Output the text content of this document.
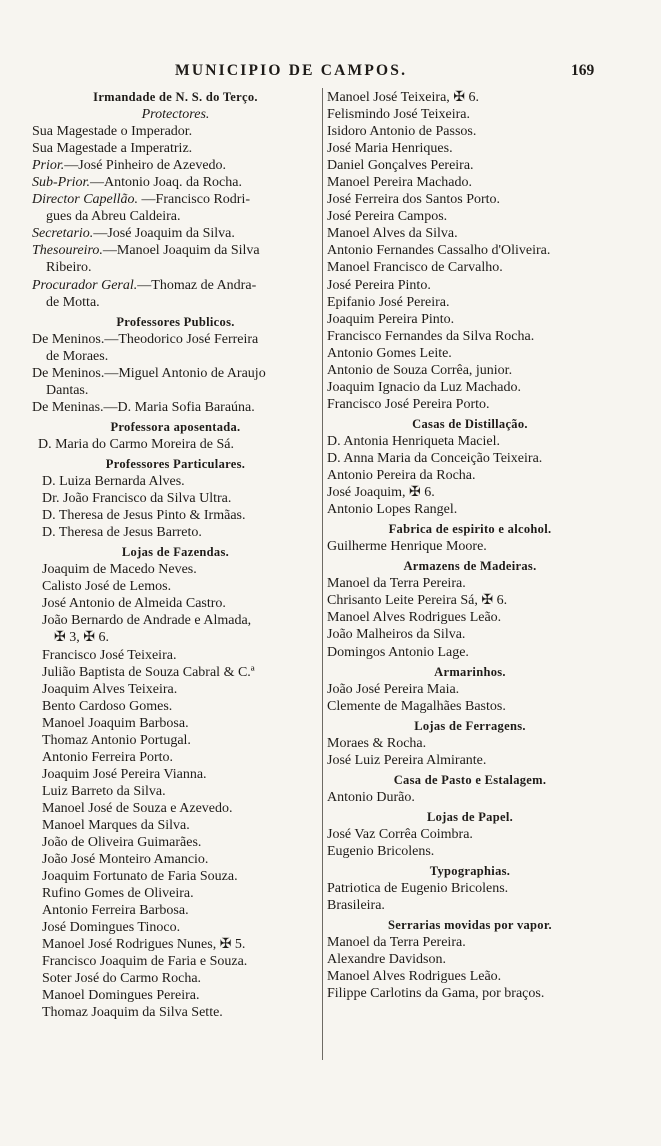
MUNICIPIO DE CAMPOS.	169
Irmandade de N. S. do Terço.
Protectores.
Sua Magestade o Imperador.
Sua Magestade a Imperatriz.
Prior.—José Pinheiro de Azevedo.
Sub-Prior.—Antonio Joaq. da Rocha.
Director Capellão. —Francisco Rodri-
gues da Abreu Caldeira.
Secretario.—José Joaquim da Silva.
Thesoureiro.—Manoel Joaquim da Silva
Ribeiro.
Procurador Geral.—Thomaz de Andra-
de Motta.
Professores Publicos.
De Meninos.—Theodorico José Ferreira
de Moraes.
De Meninos.—Miguel Antonio de Araujo
Dantas.
De Meninas.—D. Maria Sofia Baraúna.
Professora aposentada.
D. Maria do Carmo Moreira de Sá.
Professores Particulares.
D. Luiza Bernarda Alves.
Dr. João Francisco da Silva Ultra.
D. Theresa de Jesus Pinto & Irmãas.
D. Theresa de Jesus Barreto.
Lojas de Fazendas.
Joaquim de Macedo Neves.
Calisto José de Lemos.
José Antonio de Almeida Castro.
João Bernardo de Andrade e Almada,
✠ 3, ✠ 6.
Francisco José Teixeira.
Julião Baptista de Souza Cabral & C.ª
Joaquim Alves Teixeira.
Bento Cardoso Gomes.
Manoel Joaquim Barbosa.
Thomaz Antonio Portugal.
Antonio Ferreira Porto.
Joaquim José Pereira Vianna.
Luiz Barreto da Silva.
Manoel José de Souza e Azevedo.
Manoel Marques da Silva.
João de Oliveira Guimarães.
João José Monteiro Amancio.
Joaquim Fortunato de Faria Souza.
Rufino Gomes de Oliveira.
Antonio Ferreira Barbosa.
José Domingues Tinoco.
Manoel José Rodrigues Nunes, ✠ 5.
Francisco Joaquim de Faria e Souza.
Soter José do Carmo Rocha.
Manoel Domingues Pereira.
Thomaz Joaquim da Silva Sette.
Manoel José Teixeira, ✠ 6.
Felismindo José Teixeira.
Isidoro Antonio de Passos.
José Maria Henriques.
Daniel Gonçalves Pereira.
Manoel Pereira Machado.
José Ferreira dos Santos Porto.
José Pereira Campos.
Manoel Alves da Silva.
Antonio Fernandes Cassalho d'Oliveira.
Manoel Francisco de Carvalho.
José Pereira Pinto.
Epifanio José Pereira.
Joaquim Pereira Pinto.
Francisco Fernandes da Silva Rocha.
Antonio Gomes Leite.
Antonio de Souza Corrêa, junior.
Joaquim Ignacio da Luz Machado.
Francisco José Pereira Porto.
Casas de Distillação.
D. Antonia Henriqueta Maciel.
D. Anna Maria da Conceição Teixeira.
Antonio Pereira da Rocha.
José Joaquim, ✠ 6.
Antonio Lopes Rangel.
Fabrica de espirito e alcohol.
Guilherme Henrique Moore.
Armazens de Madeiras.
Manoel da Terra Pereira.
Chrisanto Leite Pereira Sá, ✠ 6.
Manoel Alves Rodrigues Leão.
João Malheiros da Silva.
Domingos Antonio Lage.
Armarinhos.
João José Pereira Maia.
Clemente de Magalhães Bastos.
Lojas de Ferragens.
Moraes & Rocha.
José Luiz Pereira Almirante.
Casa de Pasto e Estalagem.
Antonio Durão.
Lojas de Papel.
José Vaz Corrêa Coimbra.
Eugenio Bricolens.
Typographias.
Patriotica de Eugenio Bricolens.
Brasileira.
Serrarias movidas por vapor.
Manoel da Terra Pereira.
Alexandre Davidson.
Manoel Alves Rodrigues Leão.
Filippe Carlotins da Gama, por braços.
